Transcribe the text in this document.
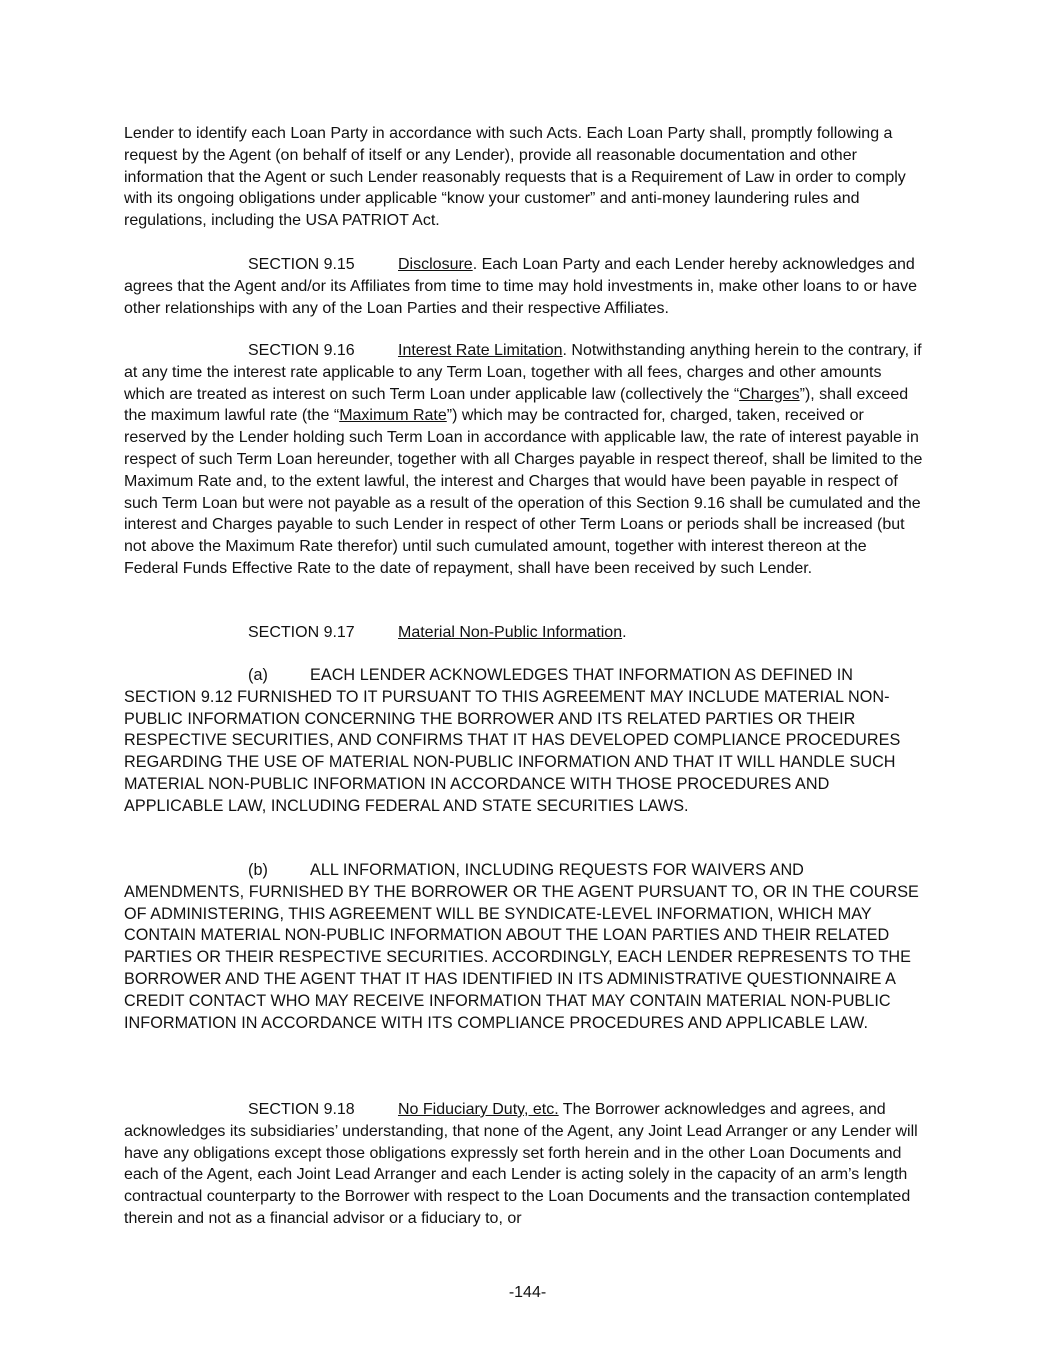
Lender to identify each Loan Party in accordance with such Acts. Each Loan Party shall, promptly following a request by the Agent (on behalf of itself or any Lender), provide all reasonable documentation and other information that the Agent or such Lender reasonably requests that is a Requirement of Law in order to comply with its ongoing obligations under applicable “know your customer” and anti-money laundering rules and regulations, including the USA PATRIOT Act.

SECTION 9.15	Disclosure. Each Loan Party and each Lender hereby acknowledges and agrees that the Agent and/or its Affiliates from time to time may hold investments in, make other loans to or have other relationships with any of the Loan Parties and their respective Affiliates.

SECTION 9.16	Interest Rate Limitation. Notwithstanding anything herein to the contrary, if at any time the interest rate applicable to any Term Loan, together with all fees, charges and other amounts which are treated as interest on such Term Loan under applicable law (collectively the “Charges”), shall exceed the maximum lawful rate (the “Maximum Rate”) which may be contracted for, charged, taken, received or reserved by the Lender holding such Term Loan in accordance with applicable law, the rate of interest payable in respect of such Term Loan hereunder, together with all Charges payable in respect thereof, shall be limited to the Maximum Rate and, to the extent lawful, the interest and Charges that would have been payable in respect of such Term Loan but were not payable as a result of the operation of this Section 9.16 shall be cumulated and the interest and Charges payable to such Lender in respect of other Term Loans or periods shall be increased (but not above the Maximum Rate therefor) until such cumulated amount, together with interest thereon at the Federal Funds Effective Rate to the date of repayment, shall have been received by such Lender.

SECTION 9.17	Material Non-Public Information.

(a)	EACH LENDER ACKNOWLEDGES THAT INFORMATION AS DEFINED IN SECTION 9.12 FURNISHED TO IT PURSUANT TO THIS AGREEMENT MAY INCLUDE MATERIAL NON-PUBLIC INFORMATION CONCERNING THE BORROWER AND ITS RELATED PARTIES OR THEIR RESPECTIVE SECURITIES, AND CONFIRMS THAT IT HAS DEVELOPED COMPLIANCE PROCEDURES REGARDING THE USE OF MATERIAL NON-PUBLIC INFORMATION AND THAT IT WILL HANDLE SUCH MATERIAL NON-PUBLIC INFORMATION IN ACCORDANCE WITH THOSE PROCEDURES AND APPLICABLE LAW, INCLUDING FEDERAL AND STATE SECURITIES LAWS.

(b)	ALL INFORMATION, INCLUDING REQUESTS FOR WAIVERS AND AMENDMENTS, FURNISHED BY THE BORROWER OR THE AGENT PURSUANT TO, OR IN THE COURSE OF ADMINISTERING, THIS AGREEMENT WILL BE SYNDICATE-LEVEL INFORMATION, WHICH MAY CONTAIN MATERIAL NON-PUBLIC INFORMATION ABOUT THE LOAN PARTIES AND THEIR RELATED PARTIES OR THEIR RESPECTIVE SECURITIES. ACCORDINGLY, EACH LENDER REPRESENTS TO THE BORROWER AND THE AGENT THAT IT HAS IDENTIFIED IN ITS ADMINISTRATIVE QUESTIONNAIRE A CREDIT CONTACT WHO MAY RECEIVE INFORMATION THAT MAY CONTAIN MATERIAL NON-PUBLIC INFORMATION IN ACCORDANCE WITH ITS COMPLIANCE PROCEDURES AND APPLICABLE LAW.

SECTION 9.18	No Fiduciary Duty, etc. The Borrower acknowledges and agrees, and acknowledges its subsidiaries’ understanding, that none of the Agent, any Joint Lead Arranger or any Lender will have any obligations except those obligations expressly set forth herein and in the other Loan Documents and each of the Agent, each Joint Lead Arranger and each Lender is acting solely in the capacity of an arm’s length contractual counterparty to the Borrower with respect to the Loan Documents and the transaction contemplated therein and not as a financial advisor or a fiduciary to, or

-144-
